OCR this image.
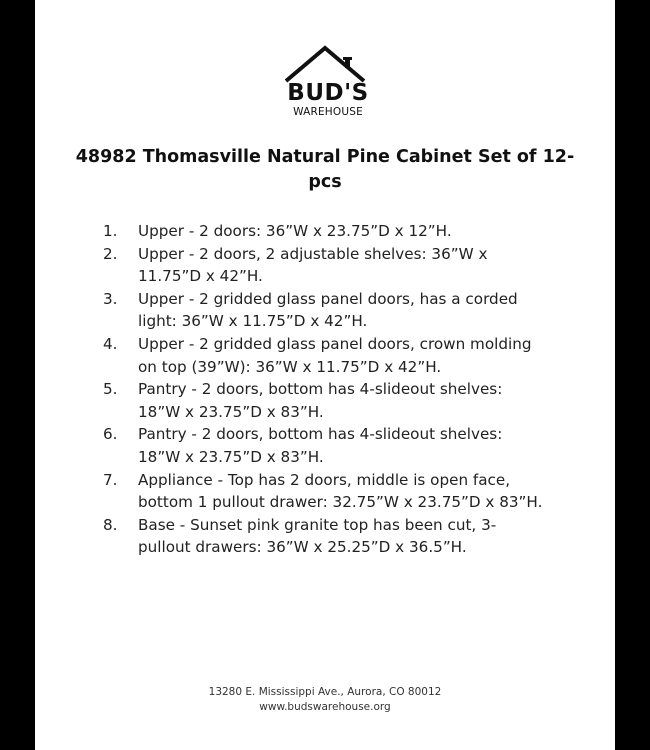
BUD'S
WAREHOUSE
48982 Thomasville Natural Pine Cabinet Set of 12-pcs
1. Upper - 2 doors: 36”W x 23.75”D x 12”H.
2. Upper - 2 doors, 2 adjustable shelves: 36”W x 11.75”D x 42”H.
3. Upper - 2 gridded glass panel doors, has a corded light: 36”W x 11.75”D x 42”H.
4. Upper - 2 gridded glass panel doors, crown molding on top (39”W): 36”W x 11.75”D x 42”H.
5. Pantry - 2 doors, bottom has 4-slideout shelves: 18”W x 23.75”D x 83”H.
6. Pantry - 2 doors, bottom has 4-slideout shelves: 18”W x 23.75”D x 83”H.
7. Appliance - Top has 2 doors, middle is open face, bottom 1 pullout drawer: 32.75”W x 23.75”D x 83”H.
8. Base - Sunset pink granite top has been cut, 3-pullout drawers: 36”W x 25.25”D x 36.5”H.
13280 E. Mississippi Ave., Aurora, CO 80012
www.budswarehouse.org
